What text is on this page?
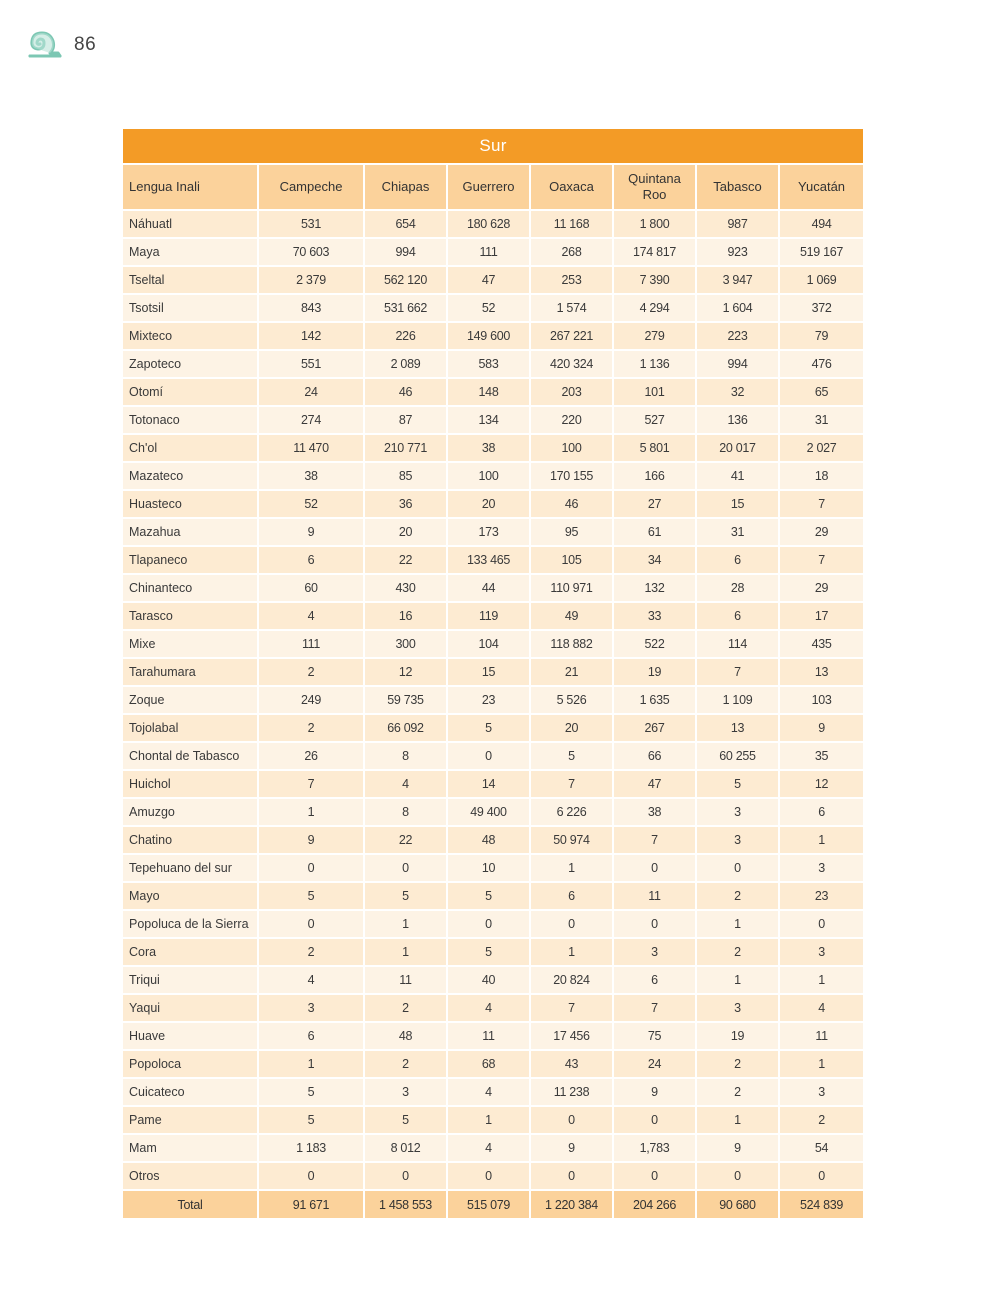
86
Sur							
Lengua Inali	Campeche	Chiapas	Guerrero	Oaxaca	Quintana Roo	Tabasco	Yucatán
Náhuatl	531	654	180 628	11 168	1 800	987	494
Maya	70 603	994	111	268	174 817	923	519 167
Tseltal	2 379	562 120	47	253	7 390	3 947	1 069
Tsotsil	843	531 662	52	1 574	4 294	1 604	372
Mixteco	142	226	149 600	267 221	279	223	79
Zapoteco	551	2 089	583	420 324	1 136	994	476
Otomí	24	46	148	203	101	32	65
Totonaco	274	87	134	220	527	136	31
Ch'ol	11 470	210 771	38	100	5 801	20 017	2 027
Mazateco	38	85	100	170 155	166	41	18
Huasteco	52	36	20	46	27	15	7
Mazahua	9	20	173	95	61	31	29
Tlapaneco	6	22	133 465	105	34	6	7
Chinanteco	60	430	44	110 971	132	28	29
Tarasco	4	16	119	49	33	6	17
Mixe	111	300	104	118 882	522	114	435
Tarahumara	2	12	15	21	19	7	13
Zoque	249	59 735	23	5 526	1 635	1 109	103
Tojolabal	2	66 092	5	20	267	13	9
Chontal de Tabasco	26	8	0	5	66	60 255	35
Huichol	7	4	14	7	47	5	12
Amuzgo	1	8	49 400	6 226	38	3	6
Chatino	9	22	48	50 974	7	3	1
Tepehuano del sur	0	0	10	1	0	0	3
Mayo	5	5	5	6	11	2	23
Popoluca de la Sierra	0	1	0	0	0	1	0
Cora	2	1	5	1	3	2	3
Triqui	4	11	40	20 824	6	1	1
Yaqui	3	2	4	7	7	3	4
Huave	6	48	11	17 456	75	19	11
Popoloca	1	2	68	43	24	2	1
Cuicateco	5	3	4	11 238	9	2	3
Pame	5	5	1	0	0	1	2
Mam	1 183	8 012	4	9	1,783	9	54
Otros	0	0	0	0	0	0	0
Total	91 671	1 458 553	515 079	1 220 384	204 266	90 680	524 839
